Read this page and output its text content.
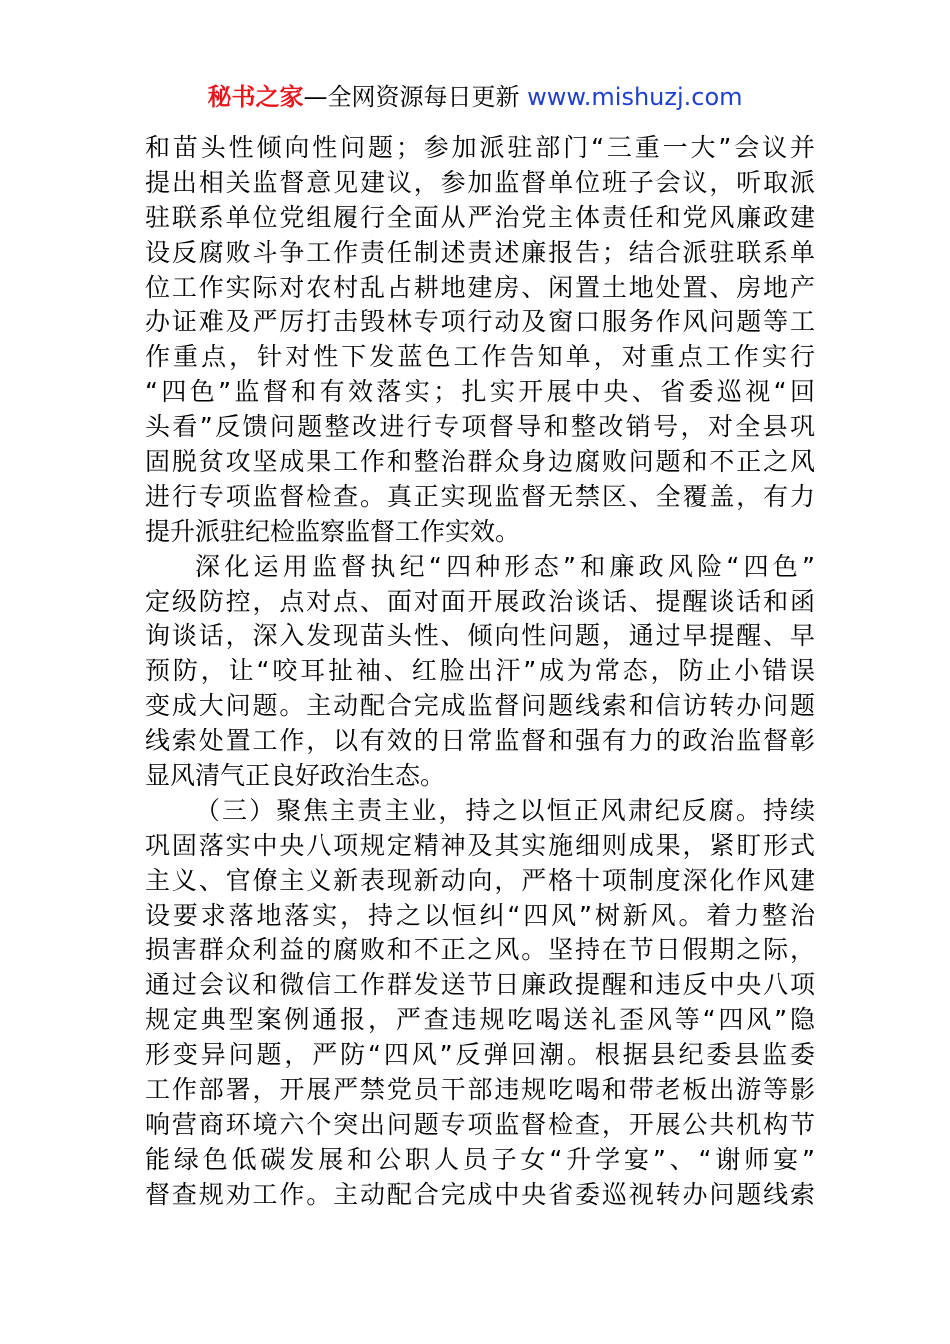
秘书之家—全网资源每日更新 www.mishuzj.com
和苗头性倾向性问题；参加派驻部门“三重一大”会议并
提出相关监督意见建议，参加监督单位班子会议，听取派
驻联系单位党组履行全面从严治党主体责任和党风廉政建
设反腐败斗争工作责任制述责述廉报告；结合派驻联系单
位工作实际对农村乱占耕地建房、闲置土地处置、房地产
办证难及严厉打击毁林专项行动及窗口服务作风问题等工
作重点，针对性下发蓝色工作告知单，对重点工作实行
“四色”监督和有效落实；扎实开展中央、省委巡视“回
头看”反馈问题整改进行专项督导和整改销号，对全县巩
固脱贫攻坚成果工作和整治群众身边腐败问题和不正之风
进行专项监督检查。真正实现监督无禁区、全覆盖，有力
提升派驻纪检监察监督工作实效。
深化运用监督执纪“四种形态”和廉政风险“四色”
定级防控，点对点、面对面开展政治谈话、提醒谈话和函
询谈话，深入发现苗头性、倾向性问题，通过早提醒、早
预防，让“咬耳扯袖、红脸出汗”成为常态，防止小错误
变成大问题。主动配合完成监督问题线索和信访转办问题
线索处置工作，以有效的日常监督和强有力的政治监督彰
显风清气正良好政治生态。
（三）聚焦主责主业，持之以恒正风肃纪反腐。持续
巩固落实中央八项规定精神及其实施细则成果，紧盯形式
主义、官僚主义新表现新动向，严格十项制度深化作风建
设要求落地落实，持之以恒纠“四风”树新风。着力整治
损害群众利益的腐败和不正之风。坚持在节日假期之际，
通过会议和微信工作群发送节日廉政提醒和违反中央八项
规定典型案例通报，严查违规吃喝送礼歪风等“四风”隐
形变异问题，严防“四风”反弹回潮。根据县纪委县监委
工作部署，开展严禁党员干部违规吃喝和带老板出游等影
响营商环境六个突出问题专项监督检查，开展公共机构节
能绿色低碳发展和公职人员子女“升学宴”、“谢师宴”
督查规劝工作。主动配合完成中央省委巡视转办问题线索
